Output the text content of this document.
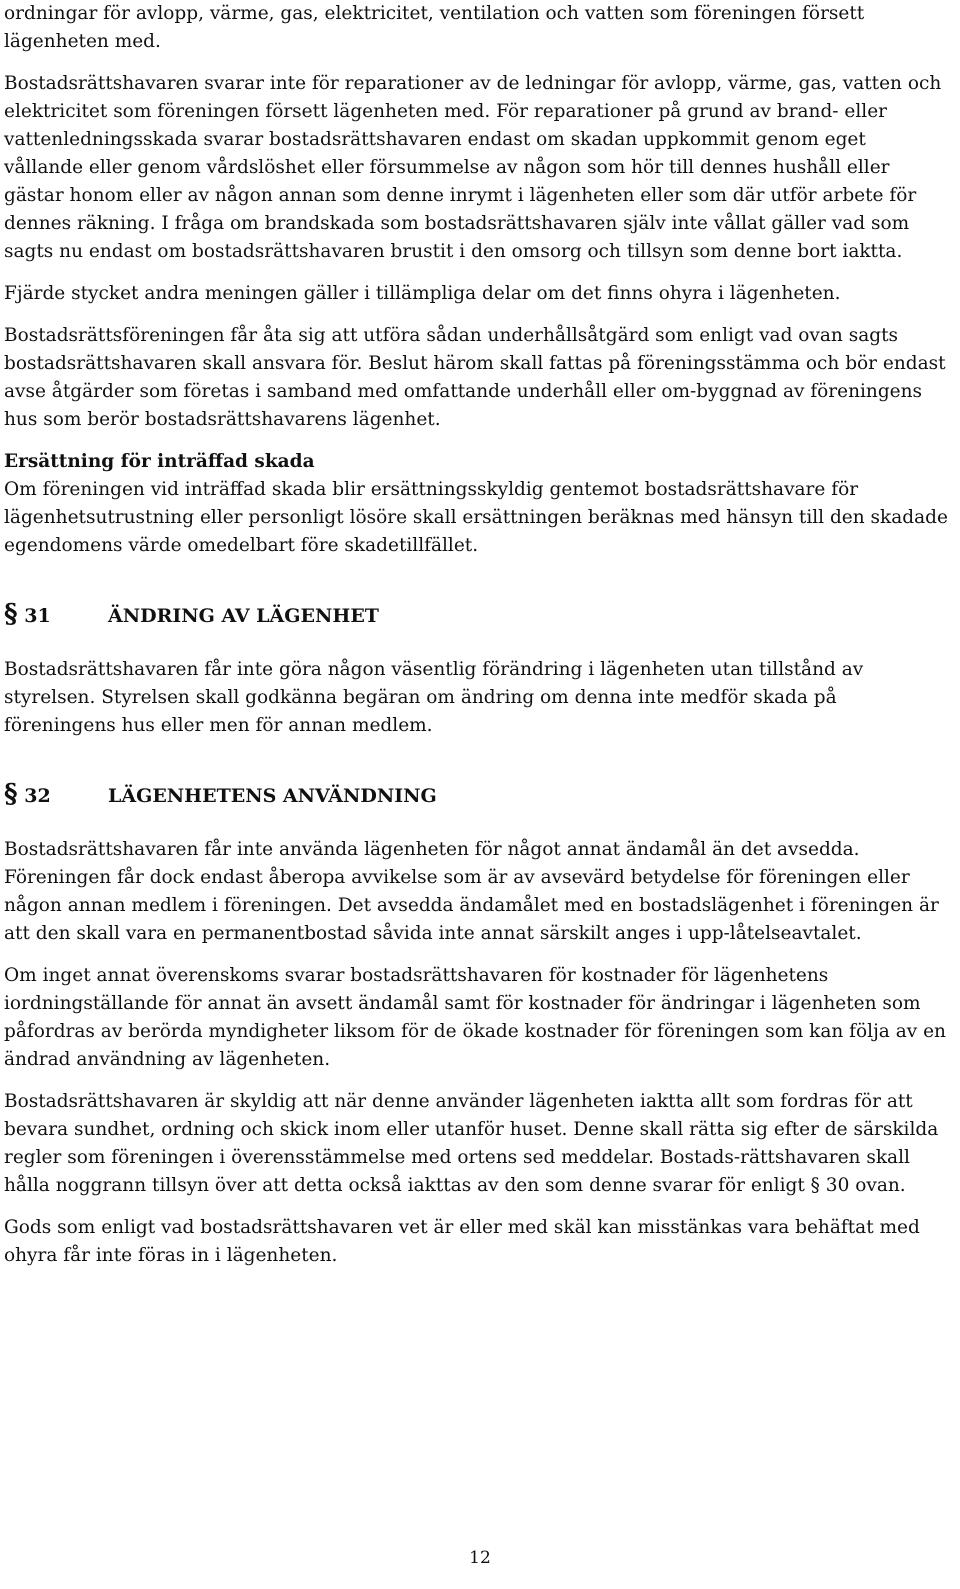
ordningar för avlopp, värme, gas, elektricitet, ventilation och vatten som föreningen försett lägenheten med.

Bostadsrättshavaren svarar inte för reparationer av de ledningar för avlopp, värme, gas, vatten och elektricitet som föreningen försett lägenheten med. För reparationer på grund av brand- eller vattenledningsskada svarar bostadsrättshavaren endast om skadan uppkommit genom eget vållande eller genom vårdslöshet eller försummelse av någon som hör till dennes hushåll eller gästar honom eller av någon annan som denne inrymt i lägenheten eller som där utför arbete för dennes räkning. I fråga om brandskada som bostadsrättshavaren själv inte vållat gäller vad som sagts nu endast om bostadsrättshavaren brustit i den omsorg och tillsyn som denne bort iaktta.

Fjärde stycket andra meningen gäller i tillämpliga delar om det finns ohyra i lägenheten.

Bostadsrättsföreningen får åta sig att utföra sådan underhållsåtgärd som enligt vad ovan sagts bostadsrättshavaren skall ansvara för. Beslut härom skall fattas på föreningsstämma och bör endast avse åtgärder som företas i samband med omfattande underhåll eller om-byggnad av föreningens hus som berör bostadsrättshavarens lägenhet.

Ersättning för inträffad skada

Om föreningen vid inträffad skada blir ersättningsskyldig gentemot bostadsrättshavare för lägenhetsutrustning eller personligt lösöre skall ersättningen beräknas med hänsyn till den skadade egendomens värde omedelbart före skadetillfället.

§ 31	ÄNDRING AV LÄGENHET

Bostadsrättshavaren får inte göra någon väsentlig förändring i lägenheten utan tillstånd av styrelsen. Styrelsen skall godkänna begäran om ändring om denna inte medför skada på föreningens hus eller men för annan medlem.

§ 32	LÄGENHETENS ANVÄNDNING

Bostadsrättshavaren får inte använda lägenheten för något annat ändamål än det avsedda. Föreningen får dock endast åberopa avvikelse som är av avsevärd betydelse för föreningen eller någon annan medlem i föreningen. Det avsedda ändamålet med en bostadslägenhet i föreningen är att den skall vara en permanentbostad såvida inte annat särskilt anges i upp-låtelseavtalet.

Om inget annat överenskoms svarar bostadsrättshavaren för kostnader för lägenhetens iordningställande för annat än avsett ändamål samt för kostnader för ändringar i lägenheten som påfordras av berörda myndigheter liksom för de ökade kostnader för föreningen som kan följa av en ändrad användning av lägenheten.

Bostadsrättshavaren är skyldig att när denne använder lägenheten iaktta allt som fordras för att bevara sundhet, ordning och skick inom eller utanför huset. Denne skall rätta sig efter de särskilda regler som föreningen i överensstämmelse med ortens sed meddelar. Bostads-rättshavaren skall hålla noggrann tillsyn över att detta också iakttas av den som denne svarar för enligt § 30 ovan.

Gods som enligt vad bostadsrättshavaren vet är eller med skäl kan misstänkas vara behäftat med ohyra får inte föras in i lägenheten.

12
